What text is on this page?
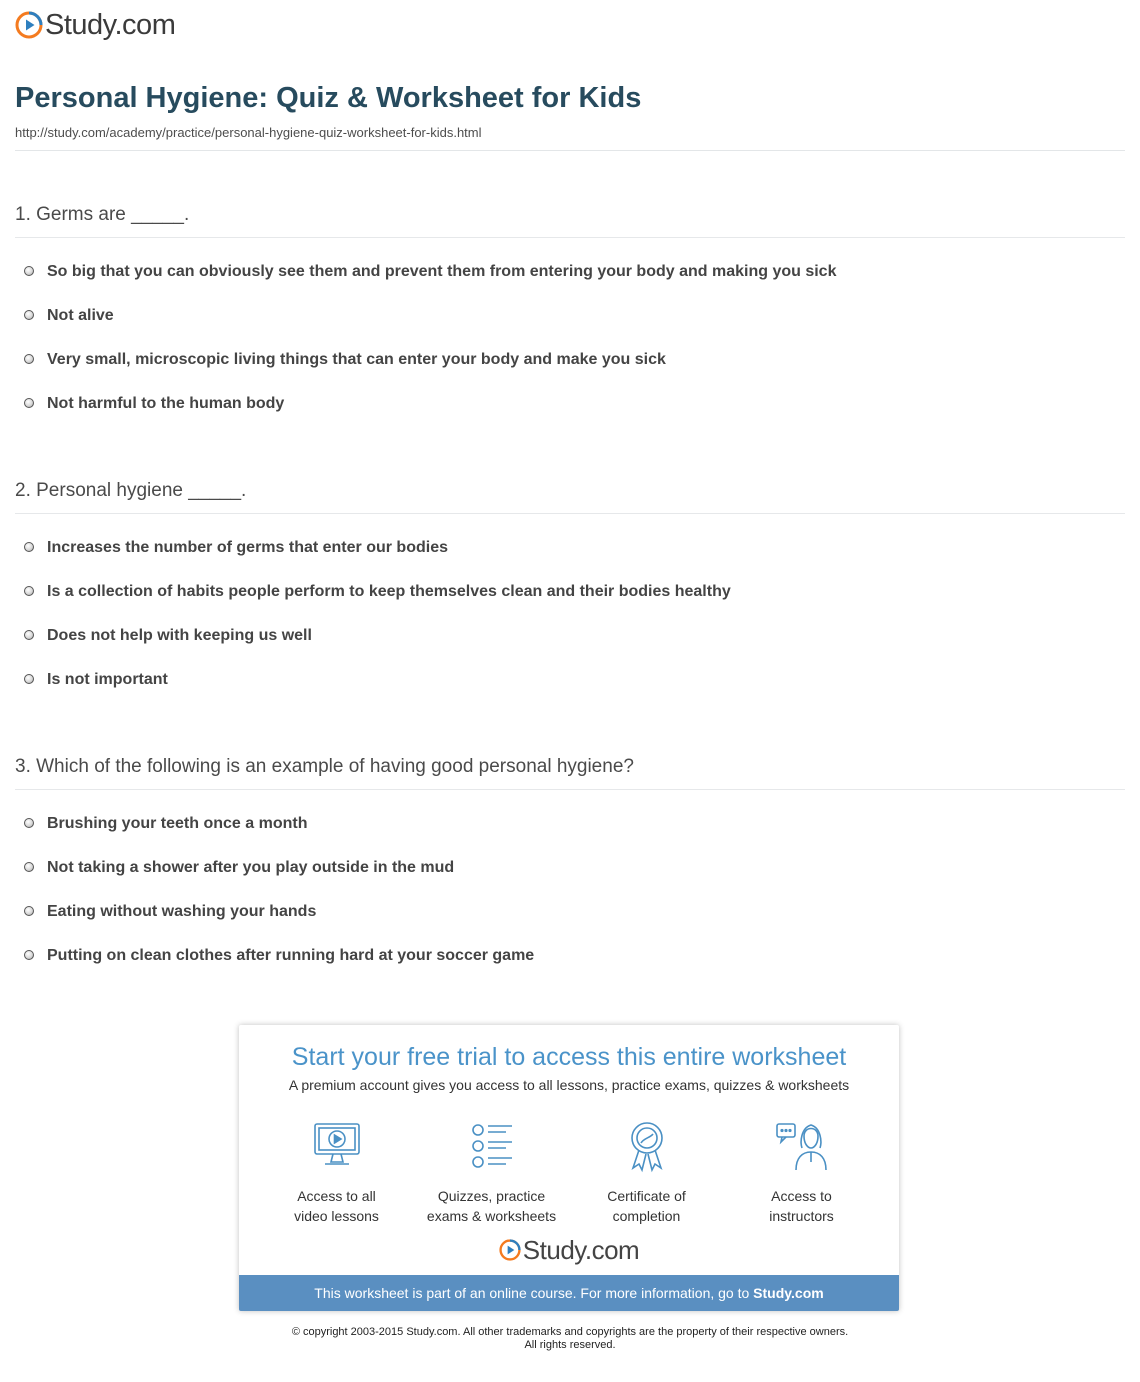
Study.com
Personal Hygiene: Quiz & Worksheet for Kids
http://study.com/academy/practice/personal-hygiene-quiz-worksheet-for-kids.html
1. Germs are _____.
So big that you can obviously see them and prevent them from entering your body and making you sick
Not alive
Very small, microscopic living things that can enter your body and make you sick
Not harmful to the human body
2. Personal hygiene _____.
Increases the number of germs that enter our bodies
Is a collection of habits people perform to keep themselves clean and their bodies healthy
Does not help with keeping us well
Is not important
3. Which of the following is an example of having good personal hygiene?
Brushing your teeth once a month
Not taking a shower after you play outside in the mud
Eating without washing your hands
Putting on clean clothes after running hard at your soccer game
Start your free trial to access this entire worksheet
A premium account gives you access to all lessons, practice exams, quizzes & worksheets
Access to all
video lessons
Quizzes, practice
exams & worksheets
Certificate of
completion
Access to
instructors
Study.com
This worksheet is part of an online course. For more information, go to Study.com
© copyright 2003-2015 Study.com. All other trademarks and copyrights are the property of their respective owners.
All rights reserved.
